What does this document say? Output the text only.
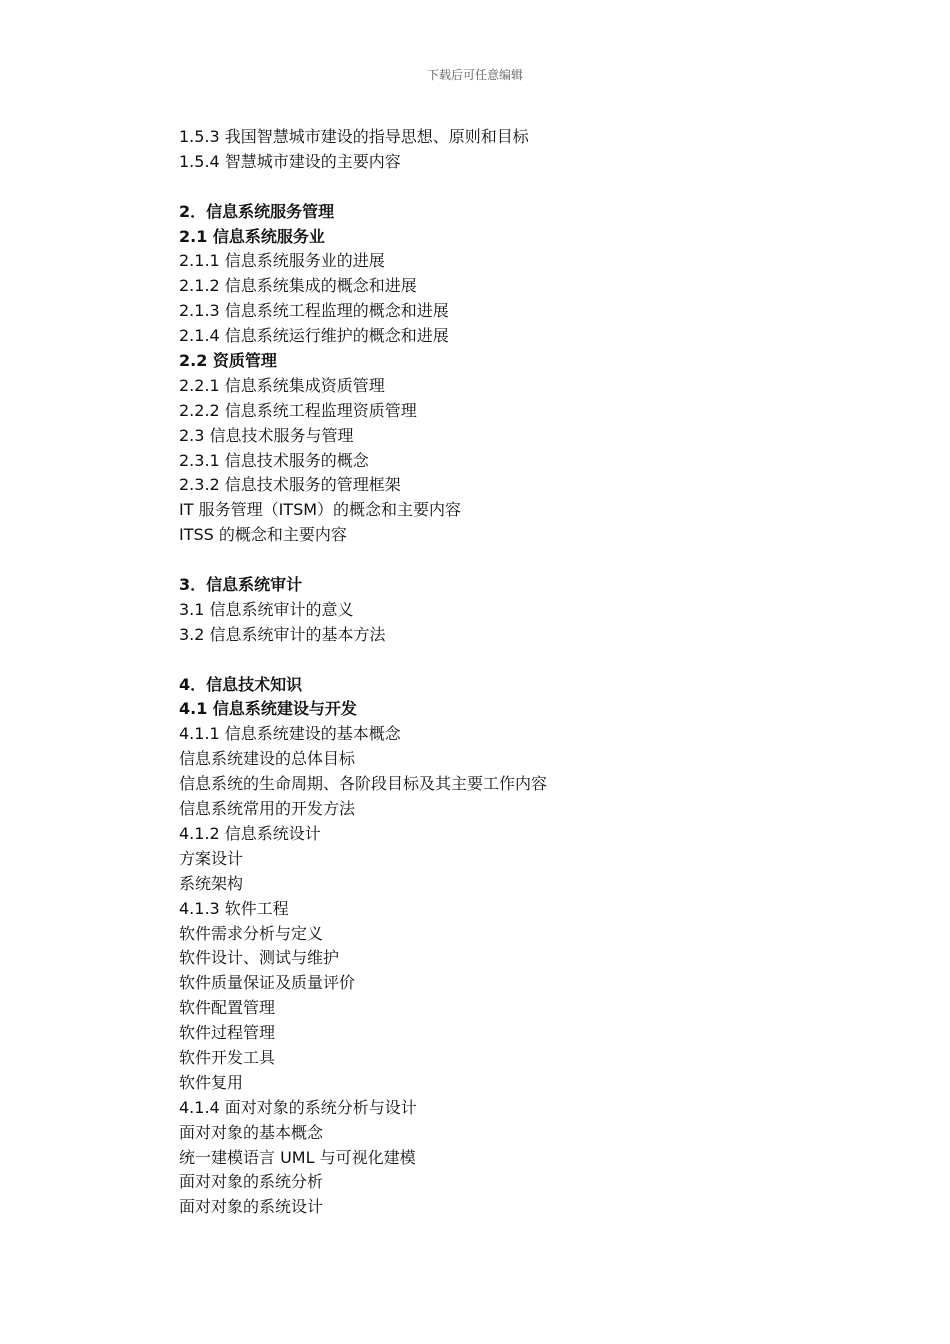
下载后可任意编辑
1.5.3 我国智慧城市建设的指导思想、原则和目标
1.5.4 智慧城市建设的主要内容
2．信息系统服务管理
2.1 信息系统服务业
2.1.1 信息系统服务业的进展
2.1.2 信息系统集成的概念和进展
2.1.3 信息系统工程监理的概念和进展
2.1.4 信息系统运行维护的概念和进展
2.2 资质管理
2.2.1 信息系统集成资质管理
2.2.2 信息系统工程监理资质管理
2.3 信息技术服务与管理
2.3.1 信息技术服务的概念
2.3.2 信息技术服务的管理框架
IT 服务管理（ITSM）的概念和主要内容
ITSS 的概念和主要内容
3．信息系统审计
3.1 信息系统审计的意义
3.2 信息系统审计的基本方法
4．信息技术知识
4.1 信息系统建设与开发
4.1.1 信息系统建设的基本概念
信息系统建设的总体目标
信息系统的生命周期、各阶段目标及其主要工作内容
信息系统常用的开发方法
4.1.2 信息系统设计
方案设计
系统架构
4.1.3 软件工程
软件需求分析与定义
软件设计、测试与维护
软件质量保证及质量评价
软件配置管理
软件过程管理
软件开发工具
软件复用
4.1.4 面对对象的系统分析与设计
面对对象的基本概念
统一建模语言 UML 与可视化建模
面对对象的系统分析
面对对象的系统设计
